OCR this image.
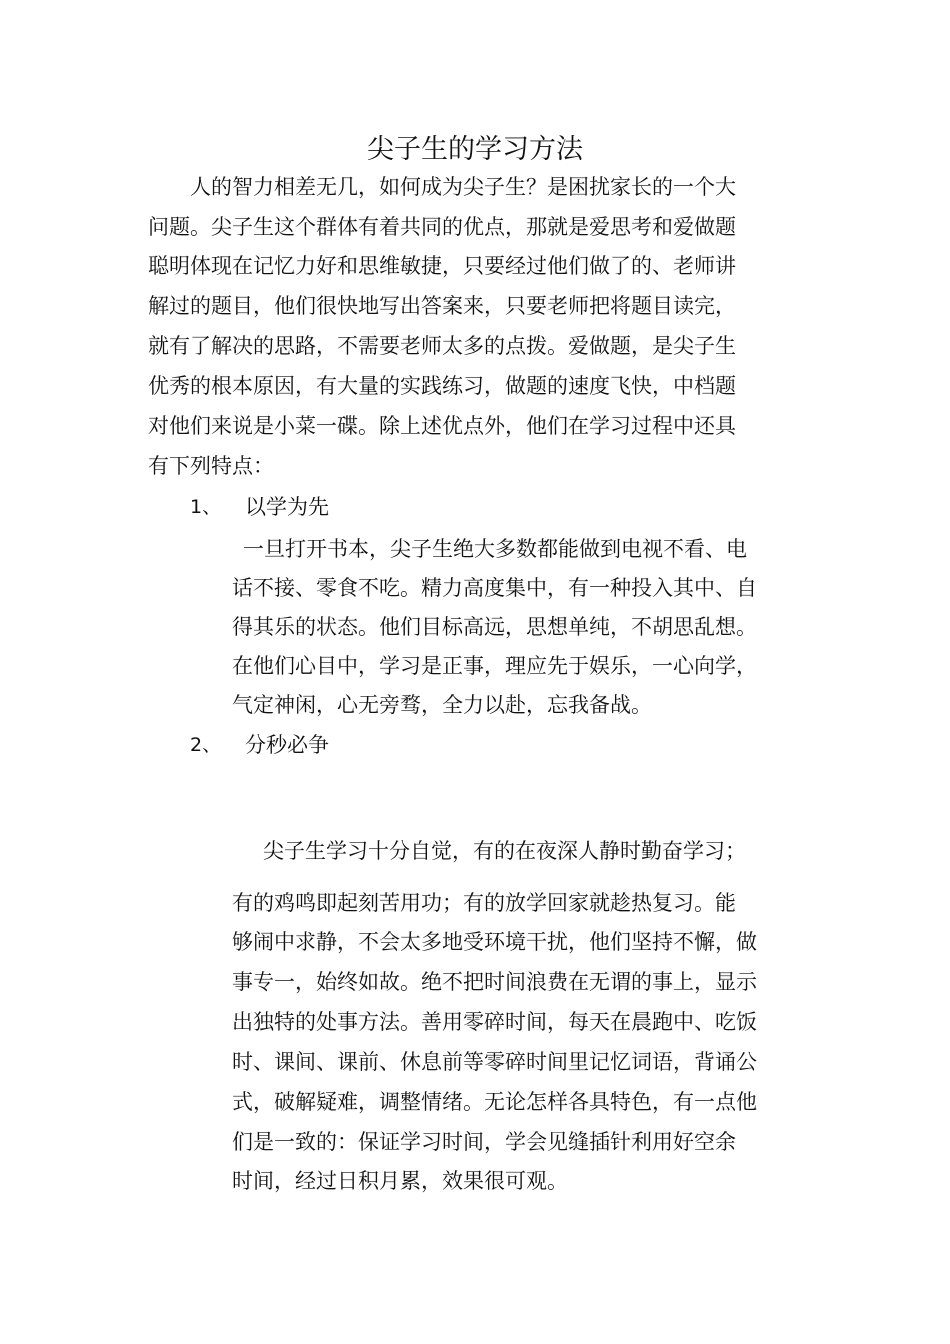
尖子生的学习方法
人的智力相差无几，如何成为尖子生？是困扰家长的一个大
问题。尖子生这个群体有着共同的优点，那就是爱思考和爱做题
聪明体现在记忆力好和思维敏捷，只要经过他们做了的、老师讲
解过的题目，他们很快地写出答案来，只要老师把将题目读完，
就有了解决的思路，不需要老师太多的点拨。爱做题，是尖子生
优秀的根本原因，有大量的实践练习，做题的速度飞快，中档题
对他们来说是小菜一碟。除上述优点外，他们在学习过程中还具
有下列特点：
1、 以学为先
一旦打开书本，尖子生绝大多数都能做到电视不看、电
话不接、零食不吃。精力高度集中，有一种投入其中、自
得其乐的状态。他们目标高远，思想单纯，不胡思乱想。
在他们心目中，学习是正事，理应先于娱乐，一心向学，
气定神闲，心无旁骛，全力以赴，忘我备战。
2、 分秒必争
尖子生学习十分自觉，有的在夜深人静时勤奋学习；
有的鸡鸣即起刻苦用功；有的放学回家就趁热复习。能
够闹中求静，不会太多地受环境干扰，他们坚持不懈，做
事专一，始终如故。绝不把时间浪费在无谓的事上，显示
出独特的处事方法。善用零碎时间，每天在晨跑中、吃饭
时、课间、课前、休息前等零碎时间里记忆词语，背诵公
式，破解疑难，调整情绪。无论怎样各具特色，有一点他
们是一致的：保证学习时间，学会见缝插针利用好空余
时间，经过日积月累，效果很可观。
